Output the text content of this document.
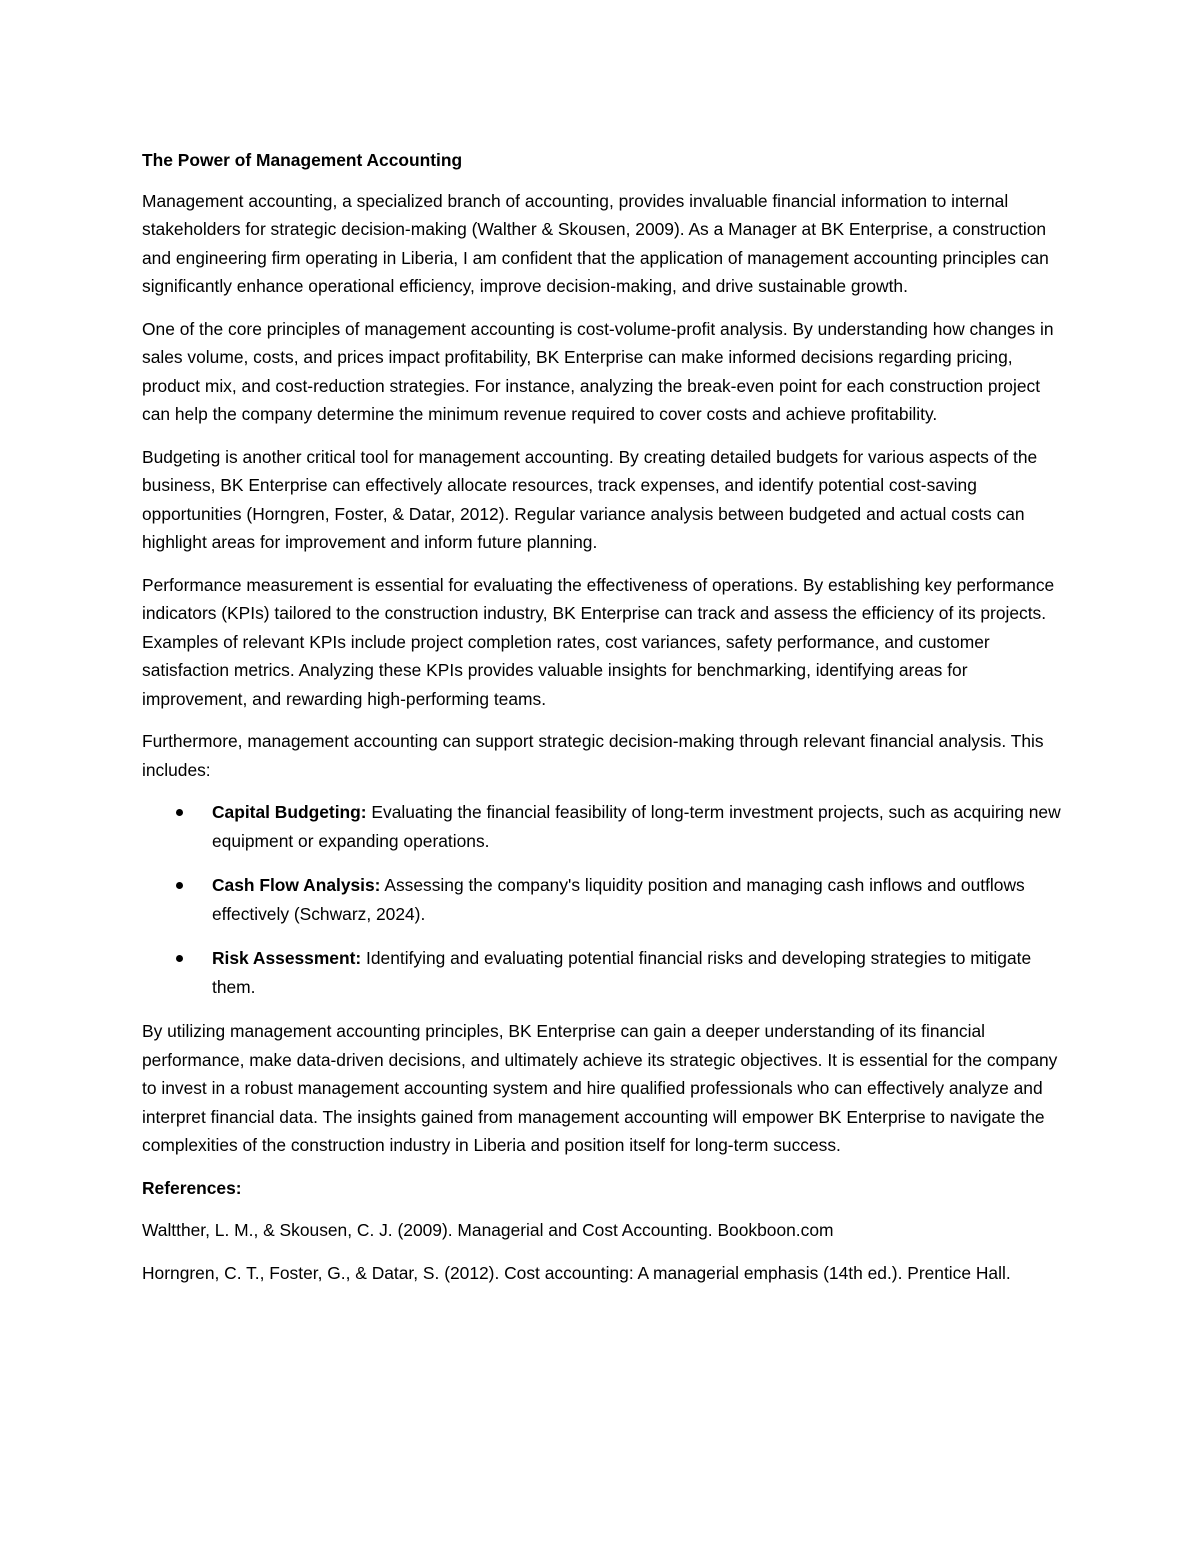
The Power of Management Accounting

Management accounting, a specialized branch of accounting, provides invaluable financial information to internal stakeholders for strategic decision-making (Walther & Skousen, 2009). As a Manager at BK Enterprise, a construction and engineering firm operating in Liberia, I am confident that the application of management accounting principles can significantly enhance operational efficiency, improve decision-making, and drive sustainable growth.

One of the core principles of management accounting is cost-volume-profit analysis. By understanding how changes in sales volume, costs, and prices impact profitability, BK Enterprise can make informed decisions regarding pricing, product mix, and cost-reduction strategies. For instance, analyzing the break-even point for each construction project can help the company determine the minimum revenue required to cover costs and achieve profitability.

Budgeting is another critical tool for management accounting. By creating detailed budgets for various aspects of the business, BK Enterprise can effectively allocate resources, track expenses, and identify potential cost-saving opportunities (Horngren, Foster, & Datar, 2012). Regular variance analysis between budgeted and actual costs can highlight areas for improvement and inform future planning.

Performance measurement is essential for evaluating the effectiveness of operations. By establishing key performance indicators (KPIs) tailored to the construction industry, BK Enterprise can track and assess the efficiency of its projects. Examples of relevant KPIs include project completion rates, cost variances, safety performance, and customer satisfaction metrics. Analyzing these KPIs provides valuable insights for benchmarking, identifying areas for improvement, and rewarding high-performing teams.

Furthermore, management accounting can support strategic decision-making through relevant financial analysis. This includes:

Capital Budgeting: Evaluating the financial feasibility of long-term investment projects, such as acquiring new equipment or expanding operations.
Cash Flow Analysis: Assessing the company's liquidity position and managing cash inflows and outflows effectively (Schwarz, 2024).
Risk Assessment: Identifying and evaluating potential financial risks and developing strategies to mitigate them.

By utilizing management accounting principles, BK Enterprise can gain a deeper understanding of its financial performance, make data-driven decisions, and ultimately achieve its strategic objectives. It is essential for the company to invest in a robust management accounting system and hire qualified professionals who can effectively analyze and interpret financial data. The insights gained from management accounting will empower BK Enterprise to navigate the complexities of the construction industry in Liberia and position itself for long-term success.

References:

Waltther, L. M., & Skousen, C. J. (2009). Managerial and Cost Accounting. Bookboon.com

Horngren, C. T., Foster, G., & Datar, S. (2012). Cost accounting: A managerial emphasis (14th ed.). Prentice Hall.
